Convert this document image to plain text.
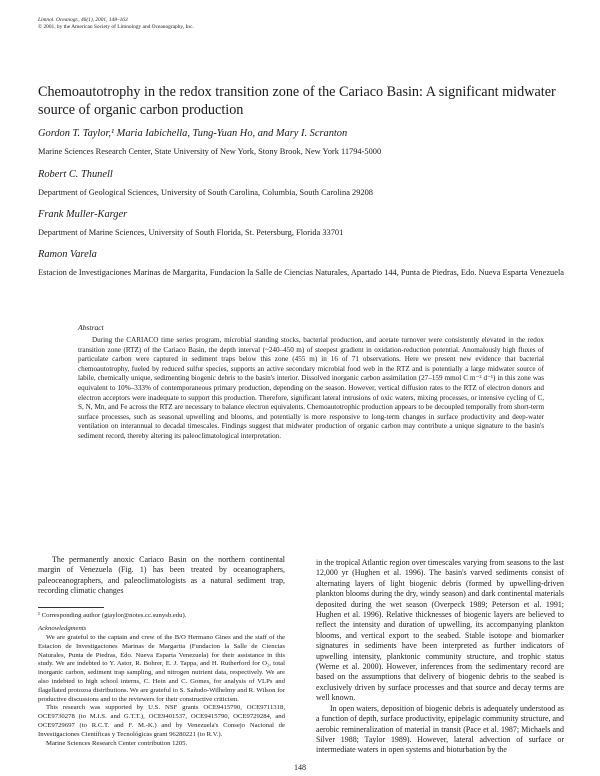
Limnol. Oceanogr., 46(1), 2001, 148–163
© 2001, by the American Society of Limnology and Oceanography, Inc.
Chemoautotrophy in the redox transition zone of the Cariaco Basin: A significant midwater source of organic carbon production
Gordon T. Taylor,¹ Maria Iabichella, Tung-Yuan Ho, and Mary I. Scranton
Marine Sciences Research Center, State University of New York, Stony Brook, New York 11794-5000
Robert C. Thunell
Department of Geological Sciences, University of South Carolina, Columbia, South Carolina 29208
Frank Muller-Karger
Department of Marine Sciences, University of South Florida, St. Petersburg, Florida 33701
Ramon Varela
Estacion de Investigaciones Marinas de Margarita, Fundacion la Salle de Ciencias Naturales, Apartado 144, Punta de Piedras, Edo. Nueva Esparta Venezuela
Abstract

During the CARIACO time series program, microbial standing stocks, bacterial production, and acetate turnover were consistently elevated in the redox transition zone (RTZ) of the Cariaco Basin, the depth interval (~240–450 m) of steepest gradient in oxidation-reduction potential. Anomalously high fluxes of particulate carbon were captured in sediment traps below this zone (455 m) in 16 of 71 observations. Here we present new evidence that bacterial chemoautotrophy, fueled by reduced sulfur species, supports an active secondary microbial food web in the RTZ and is potentially a large midwater source of labile, chemically unique, sedimenting biogenic debris to the basin's interior. Dissolved inorganic carbon assimilation (27–159 mmol C m⁻² d⁻¹) in this zone was equivalent to 10%–333% of contemporaneous primary production, depending on the season. However, vertical diffusion rates to the RTZ of electron donors and electron acceptors were inadequate to support this production. Therefore, significant lateral intrusions of oxic waters, mixing processes, or intensive cycling of C, S, N, Mn, and Fe across the RTZ are necessary to balance electron equivalents. Chemoautotrophic production appears to be decoupled temporally from short-term surface processes, such as seasonal upwelling and blooms, and potentially is more responsive to long-term changes in surface productivity and deep-water ventilation on interannual to decadal timescales. Findings suggest that midwater production of organic carbon may contribute a unique signature to the basin's sediment record, thereby altering its paleoclimatological interpretation.

The permanently anoxic Cariaco Basin on the northern continental margin of Venezuela (Fig. 1) has been treated by oceanographers, paleoceanographers, and paleoclimatologists as a natural sediment trap, recording climatic changes

¹ Corresponding author (gtaylor@notes.cc.sunysb.edu).
Acknowledgments

We are grateful to the captain and crew of the B/O Hermano Gines and the staff of the Estacion de Investigaciones Marinas de Margarita (Fundacion la Salle de Ciencias Naturales, Punta de Piedras, Edo. Nueva Esparta Venezuela) for their assistance in this study. We are indebted to Y. Astor, R. Bohrer, E. J. Tappa, and H. Rutherford for O₂, total inorganic carbon, sediment trap sampling, and nitrogen nutrient data, respectively. We are also indebted to high school interns, C. Hein and C. Gomes, for analysis of VLPs and flagellated protozoa distributions. We are grateful to S. Sañudo-Wilhelmy and R. Wilson for productive discussions and to the reviewers for their constructive criticism.

This research was supported by U.S. NSF grants OCE9415790, OCE9711318, OCE9730278 (to M.I.S. and G.T.T.), OCE9401537, OCE9415790, OCE9729284, and OCE9729697 (to R.C.T. and F. M.-K.) and by Venezuela's Consejo Nacional de Investigaciones Científicas y Tecnológicas grant 96280221 (to R.V.).

Marine Sciences Research Center contribution 1205.

in the tropical Atlantic region over timescales varying from seasons to the last 12,000 yr (Hughen et al. 1996). The basin's varved sediments consist of alternating layers of light biogenic debris (formed by upwelling-driven plankton blooms during the dry, windy season) and dark continental materials deposited during the wet season (Overpeck 1989; Peterson et al. 1991; Hughen et al. 1996). Relative thicknesses of biogenic layers are believed to reflect the intensity and duration of upwelling, its accompanying plankton blooms, and vertical export to the seabed. Stable isotope and biomarker signatures in sediments have been interpreted as further indicators of upwelling intensity, planktonic community structure, and trophic status (Werne et al. 2000). However, inferences from the sedimentary record are based on the assumptions that delivery of biogenic debris to the seabed is exclusively driven by surface processes and that source and decay terms are well known.

In open waters, deposition of biogenic debris is adequately understood as a function of depth, surface productivity, epipelagic community structure, and aerobic remineralization of material in transit (Pace et al. 1987; Michaels and Silver 1988; Taylor 1989). However, lateral advection of surface or intermediate waters in open systems and bioturbation by the

148
